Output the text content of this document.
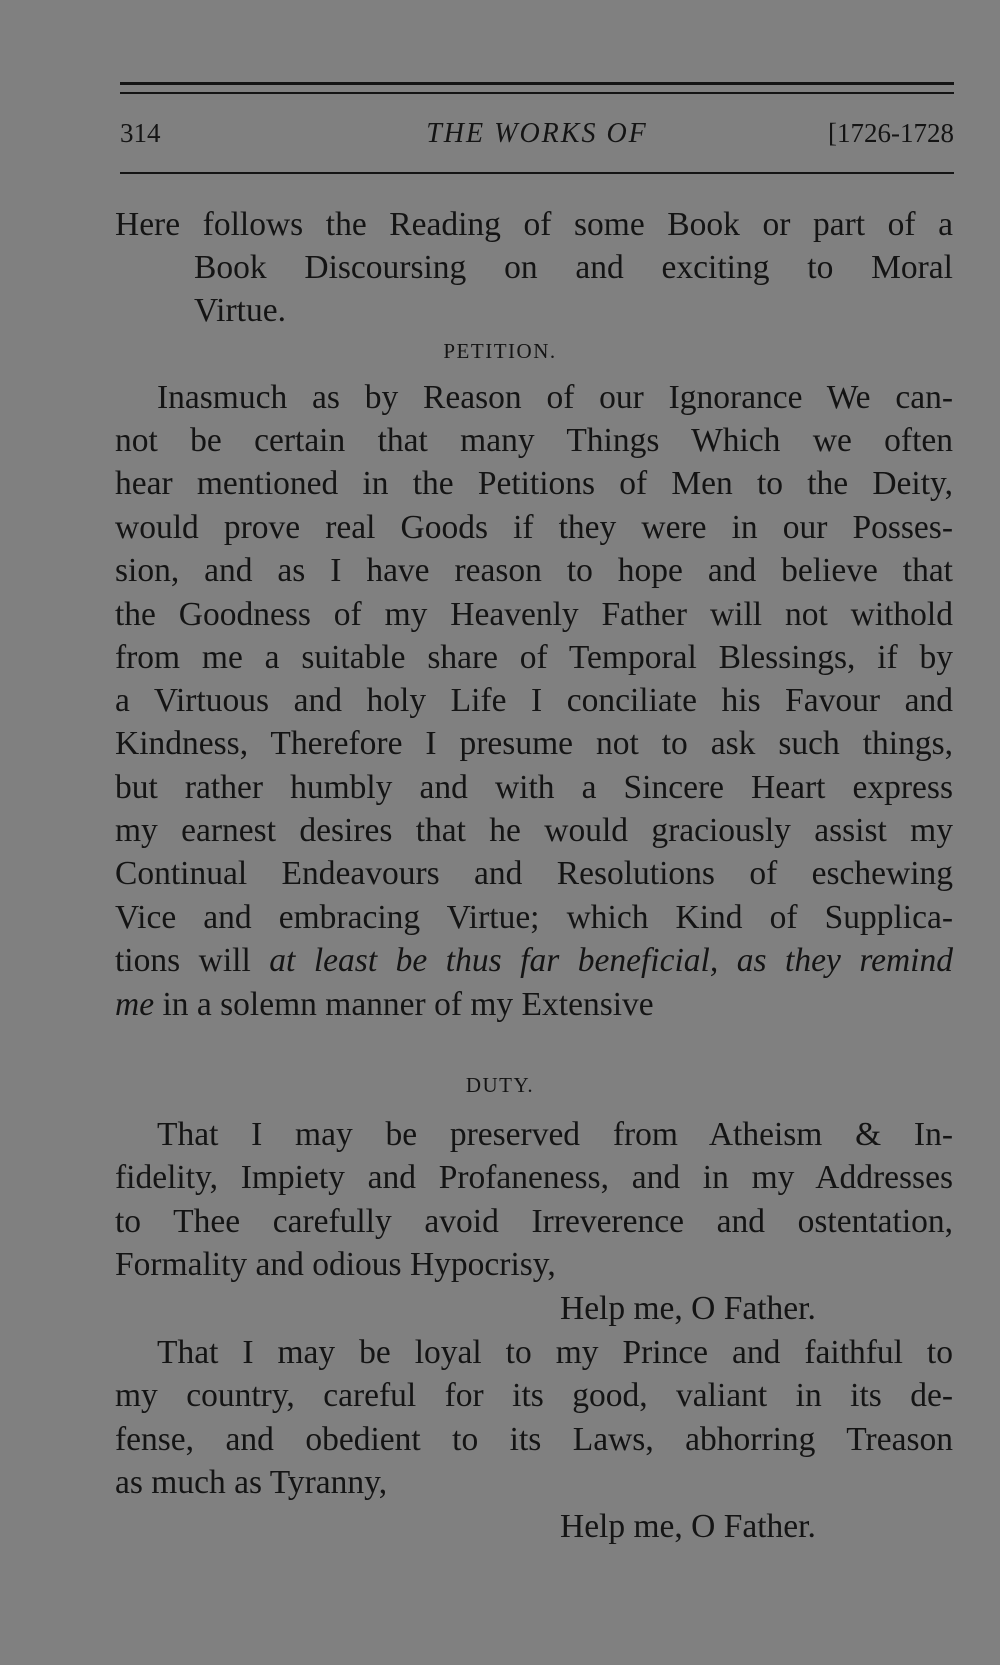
314	THE WORKS OF	[1726-1728
Here follows the Reading of some Book or part of a
Book Discoursing on and exciting to Moral
Virtue.
PETITION.
Inasmuch as by Reason of our Ignorance We can-
not be certain that many Things Which we often
hear mentioned in the Petitions of Men to the Deity,
would prove real Goods if they were in our Posses-
sion, and as I have reason to hope and believe that
the Goodness of my Heavenly Father will not withold
from me a suitable share of Temporal Blessings, if by
a Virtuous and holy Life I conciliate his Favour and
Kindness, Therefore I presume not to ask such things,
but rather humbly and with a Sincere Heart express
my earnest desires that he would graciously assist my
Continual Endeavours and Resolutions of eschewing
Vice and embracing Virtue; which Kind of Supplica-
tions will at least be thus far beneficial, as they remind
me in a solemn manner of my Extensive
DUTY.
That I may be preserved from Atheism & In-
fidelity, Impiety and Profaneness, and in my Addresses
to Thee carefully avoid Irreverence and ostentation,
Formality and odious Hypocrisy,
Help me, O Father.
That I may be loyal to my Prince and faithful to
my country, careful for its good, valiant in its de-
fense, and obedient to its Laws, abhorring Treason
as much as Tyranny,
Help me, O Father.
